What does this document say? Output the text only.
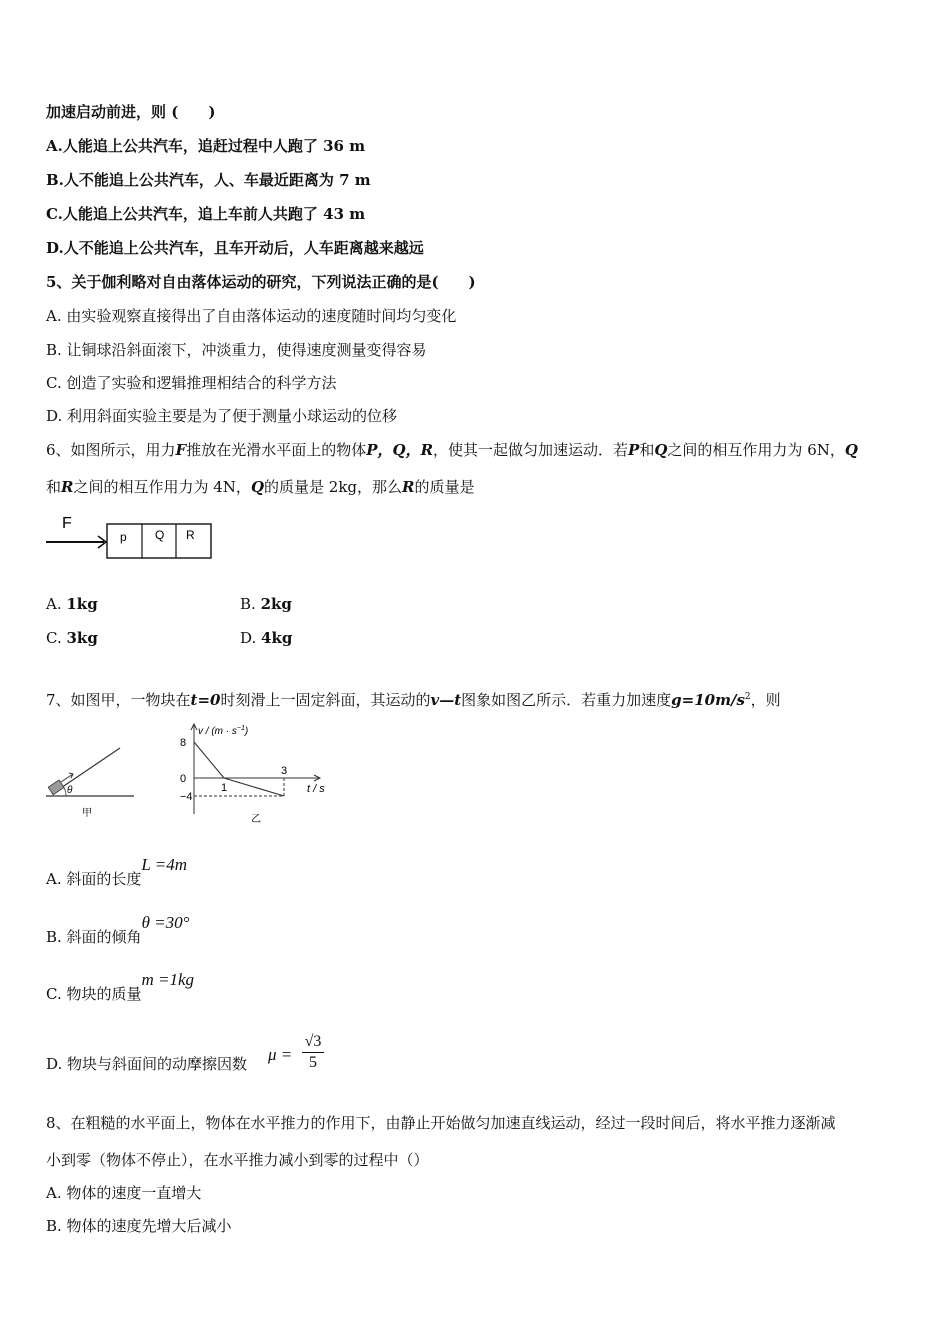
加速启动前进，则 (　　)
A.人能追上公共汽车，追赶过程中人跑了 36 m
B.人不能追上公共汽车，人、车最近距离为 7 m
C.人能追上公共汽车，追上车前人共跑了 43 m
D.人不能追上公共汽车，且车开动后，人车距离越来越远
5、关于伽利略对自由落体运动的研究，下列说法正确的是(　　)
A. 由实验观察直接得出了自由落体运动的速度随时间均匀变化
B. 让铜球沿斜面滚下，冲淡重力，使得速度测量变得容易
C. 创造了实验和逻辑推理相结合的科学方法
D. 利用斜面实验主要是为了便于测量小球运动的位移
6、如图所示，用力F推放在光滑水平面上的物体P，Q，R，使其一起做匀加速运动．若P和Q之间的相互作用力为 6N，Q
和R之间的相互作用力为 4N，Q的质量是 2kg，那么R的质量是
F
p Q R
A. 1kg	B. 2kg
C. 3kg	D. 4kg
7、如图甲，一物块在t=0时刻滑上一固定斜面，其运动的v—t图象如图乙所示．若重力加速度$g=10m/s^2$，则
θ
甲
$v / (m \cdot s^{-1})$
t / s
乙
8
0
−4
1
3
A. 斜面的长度L =4m
B. 斜面的倾角θ =30°
C. 物块的质量m =1kg
D. 物块与斜面间的动摩擦因数 $\mu = \frac{√3}{5}$
8、在粗糙的水平面上，物体在水平推力的作用下，由静止开始做匀加速直线运动，经过一段时间后，将水平推力逐渐减
小到零（物体不停止），在水平推力减小到零的过程中（）
A. 物体的速度一直增大
B. 物体的速度先增大后减小
